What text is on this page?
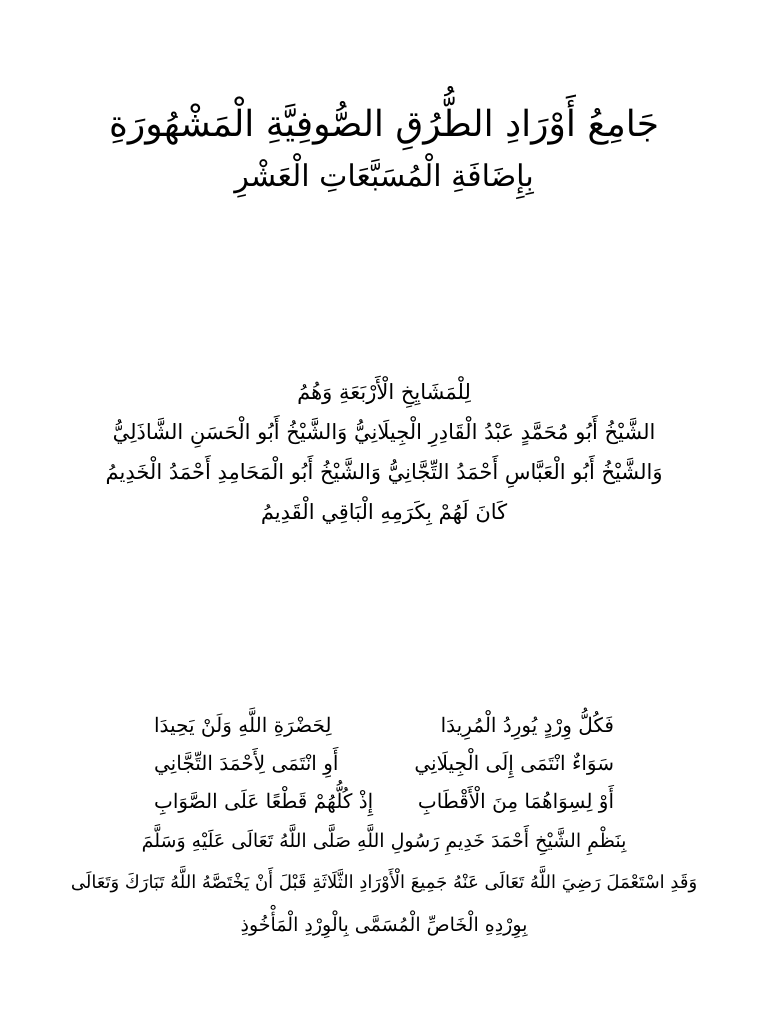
جَامِعُ أَوْرَادِ الطُّرُقِ الصُّوفِيَّةِ الْمَشْهُورَةِ
بِإِضَافَةِ الْمُسَبَّعَاتِ الْعَشْرِ
لِلْمَشَايِخِ الْأَرْبَعَةِ وَهُمُ
الشَّيْخُ أَبُو مُحَمَّدٍ عَبْدُ الْقَادِرِ الْجِيلَانِيُّ وَالشَّيْخُ أَبُو الْحَسَنِ الشَّاذَلِيُّ
وَالشَّيْخُ أَبُو الْعَبَّاسِ أَحْمَدُ التِّجَّانِيُّ وَالشَّيْخُ أَبُو الْمَحَامِدِ أَحْمَدُ الْخَدِيمُ
كَانَ لَهُمْ بِكَرَمِهِ الْبَاقِي الْقَدِيمُ
فَكُلُّ وِرْدٍ يُورِدُ الْمُرِيدَا
لِحَضْرَةِ اللَّهِ وَلَنْ يَحِيدَا
سَوَاءٌ انْتَمَى إِلَى الْجِيلَانِي
أَوِ انْتَمَى لِأَحْمَدَ التِّجَّانِي
أَوْ لِسِوَاهُمَا مِنَ الْأَقْطَابِ
إِذْ كُلُّهُمْ قَطْعًا عَلَى الصَّوَابِ
بِنَظْمِ الشَّيْخِ أَحْمَدَ خَدِيمِ رَسُولِ اللَّهِ صَلَّى اللَّهُ تَعَالَى عَلَيْهِ وَسَلَّمَ
وَقَدِ اسْتَعْمَلَ رَضِيَ اللَّهُ تَعَالَى عَنْهُ جَمِيعَ الْأَوْرَادِ الثَّلَاثَةِ قَبْلَ أَنْ يَخْتَصَّهُ اللَّهُ تَبَارَكَ وَتَعَالَى
بِوِرْدِهِ الْخَاصِّ الْمُسَمَّى بِالْوِرْدِ الْمَأْخُوذِ
